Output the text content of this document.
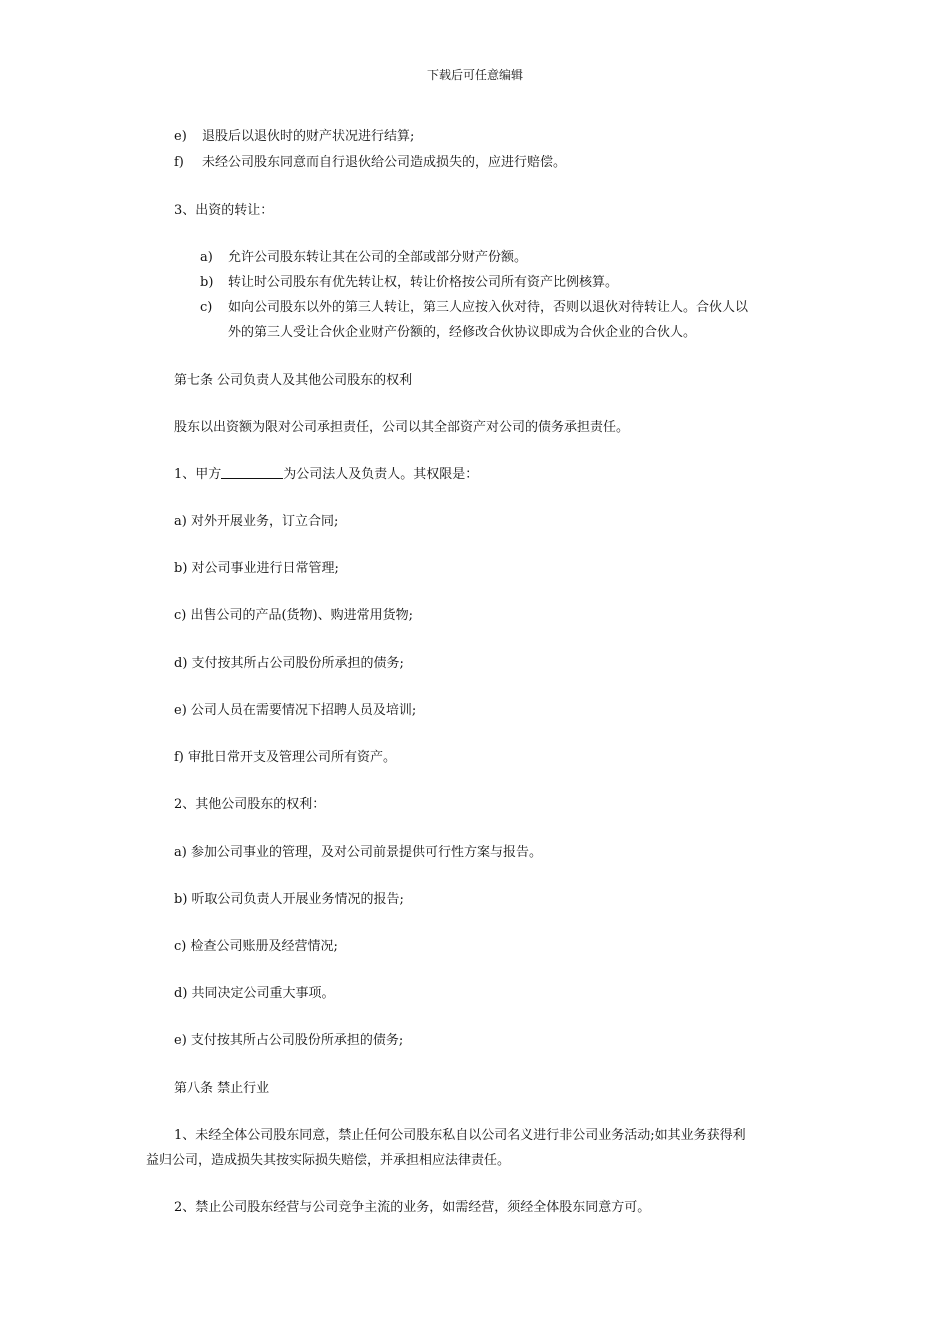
下载后可任意编辑
e) 退股后以退伙时的财产状况进行结算;
f) 未经公司股东同意而自行退伙给公司造成损失的，应进行赔偿。
3、出资的转让：
a) 允许公司股东转让其在公司的全部或部分财产份额。
b) 转让时公司股东有优先转让权，转让价格按公司所有资产比例核算。
c) 如向公司股东以外的第三人转让，第三人应按入伙对待，否则以退伙对待转让人。合伙人以
外的第三人受让合伙企业财产份额的，经修改合伙协议即成为合伙企业的合伙人。
第七条 公司负责人及其他公司股东的权利
股东以出资额为限对公司承担责任，公司以其全部资产对公司的债务承担责任。
1、甲方	为公司法人及负责人。其权限是：
a) 对外开展业务，订立合同;
b) 对公司事业进行日常管理;
c) 出售公司的产品(货物)、购进常用货物;
d) 支付按其所占公司股份所承担的债务;
e) 公司人员在需要情况下招聘人员及培训;
f) 审批日常开支及管理公司所有资产。
2、其他公司股东的权利：
a) 参加公司事业的管理，及对公司前景提供可行性方案与报告。
b) 听取公司负责人开展业务情况的报告;
c) 检查公司账册及经营情况;
d) 共同决定公司重大事项。
e) 支付按其所占公司股份所承担的债务;
第八条 禁止行业
1、未经全体公司股东同意，禁止任何公司股东私自以公司名义进行非公司业务活动;如其业务获得利
益归公司，造成损失其按实际损失赔偿，并承担相应法律责任。
2、禁止公司股东经营与公司竞争主流的业务，如需经营，须经全体股东同意方可。
